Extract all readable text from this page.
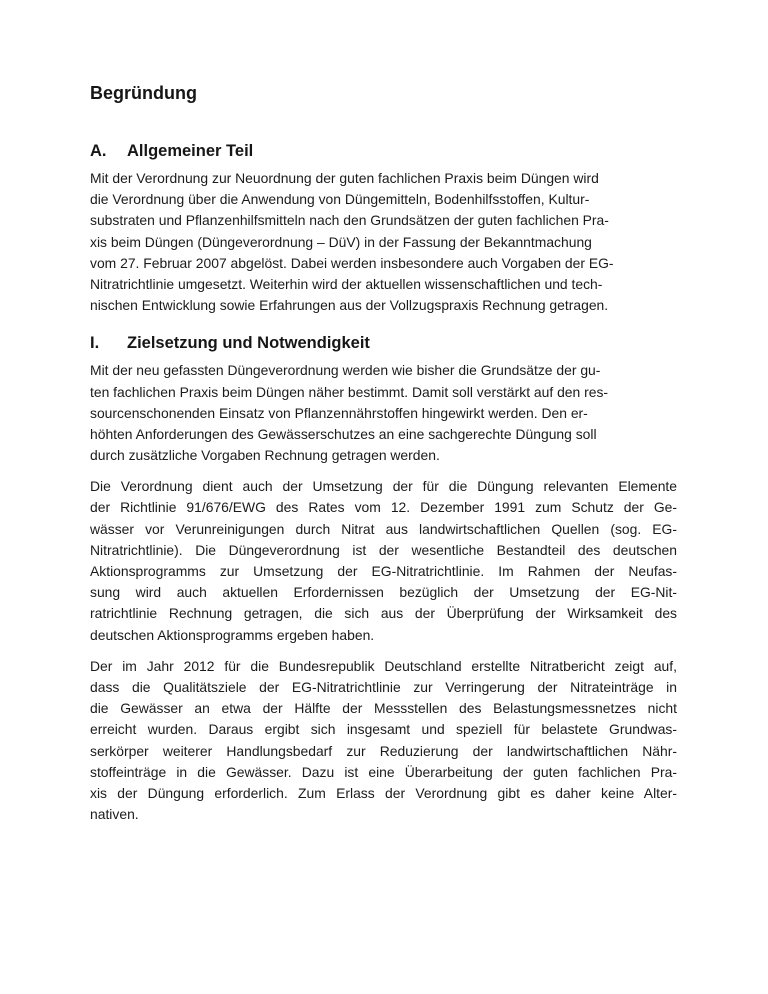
Begründung
A.	Allgemeiner Teil
Mit der Verordnung zur Neuordnung der guten fachlichen Praxis beim Düngen wird
die Verordnung über die Anwendung von Düngemitteln, Bodenhilfsstoffen, Kultur-
substraten und Pflanzenhilfsmitteln nach den Grundsätzen der guten fachlichen Pra-
xis beim Düngen (Düngeverordnung – DüV) in der Fassung der Bekanntmachung
vom 27. Februar 2007 abgelöst. Dabei werden insbesondere auch Vorgaben der EG-
Nitratrichtlinie umgesetzt. Weiterhin wird der aktuellen wissenschaftlichen und tech-
nischen Entwicklung sowie Erfahrungen aus der Vollzugspraxis Rechnung getragen.
I.	Zielsetzung und Notwendigkeit
Mit der neu gefassten Düngeverordnung werden wie bisher die Grundsätze der gu-
ten fachlichen Praxis beim Düngen näher bestimmt. Damit soll verstärkt auf den res-
sourcenschonenden Einsatz von Pflanzennährstoffen hingewirkt werden. Den er-
höhten Anforderungen des Gewässerschutzes an eine sachgerechte Düngung soll
durch zusätzliche Vorgaben Rechnung getragen werden.
Die Verordnung dient auch der Umsetzung der für die Düngung relevanten Elemente
der Richtlinie 91/676/EWG des Rates vom 12. Dezember 1991 zum Schutz der Ge-
wässer vor Verunreinigungen durch Nitrat aus landwirtschaftlichen Quellen (sog. EG-
Nitratrichtlinie). Die Düngeverordnung ist der wesentliche Bestandteil des deutschen
Aktionsprogramms zur Umsetzung der EG-Nitratrichtlinie. Im Rahmen der Neufas-
sung wird auch aktuellen Erfordernissen bezüglich der Umsetzung der EG-Nit-
ratrichtlinie Rechnung getragen, die sich aus der Überprüfung der Wirksamkeit des
deutschen Aktionsprogramms ergeben haben.
Der im Jahr 2012 für die Bundesrepublik Deutschland erstellte Nitratbericht zeigt auf,
dass die Qualitätsziele der EG-Nitratrichtlinie zur Verringerung der Nitrateinträge in
die Gewässer an etwa der Hälfte der Messstellen des Belastungsmessnetzes nicht
erreicht wurden. Daraus ergibt sich insgesamt und speziell für belastete Grundwas-
serkörper weiterer Handlungsbedarf zur Reduzierung der landwirtschaftlichen Nähr-
stoffeinträge in die Gewässer. Dazu ist eine Überarbeitung der guten fachlichen Pra-
xis der Düngung erforderlich. Zum Erlass der Verordnung gibt es daher keine Alter-
nativen.
